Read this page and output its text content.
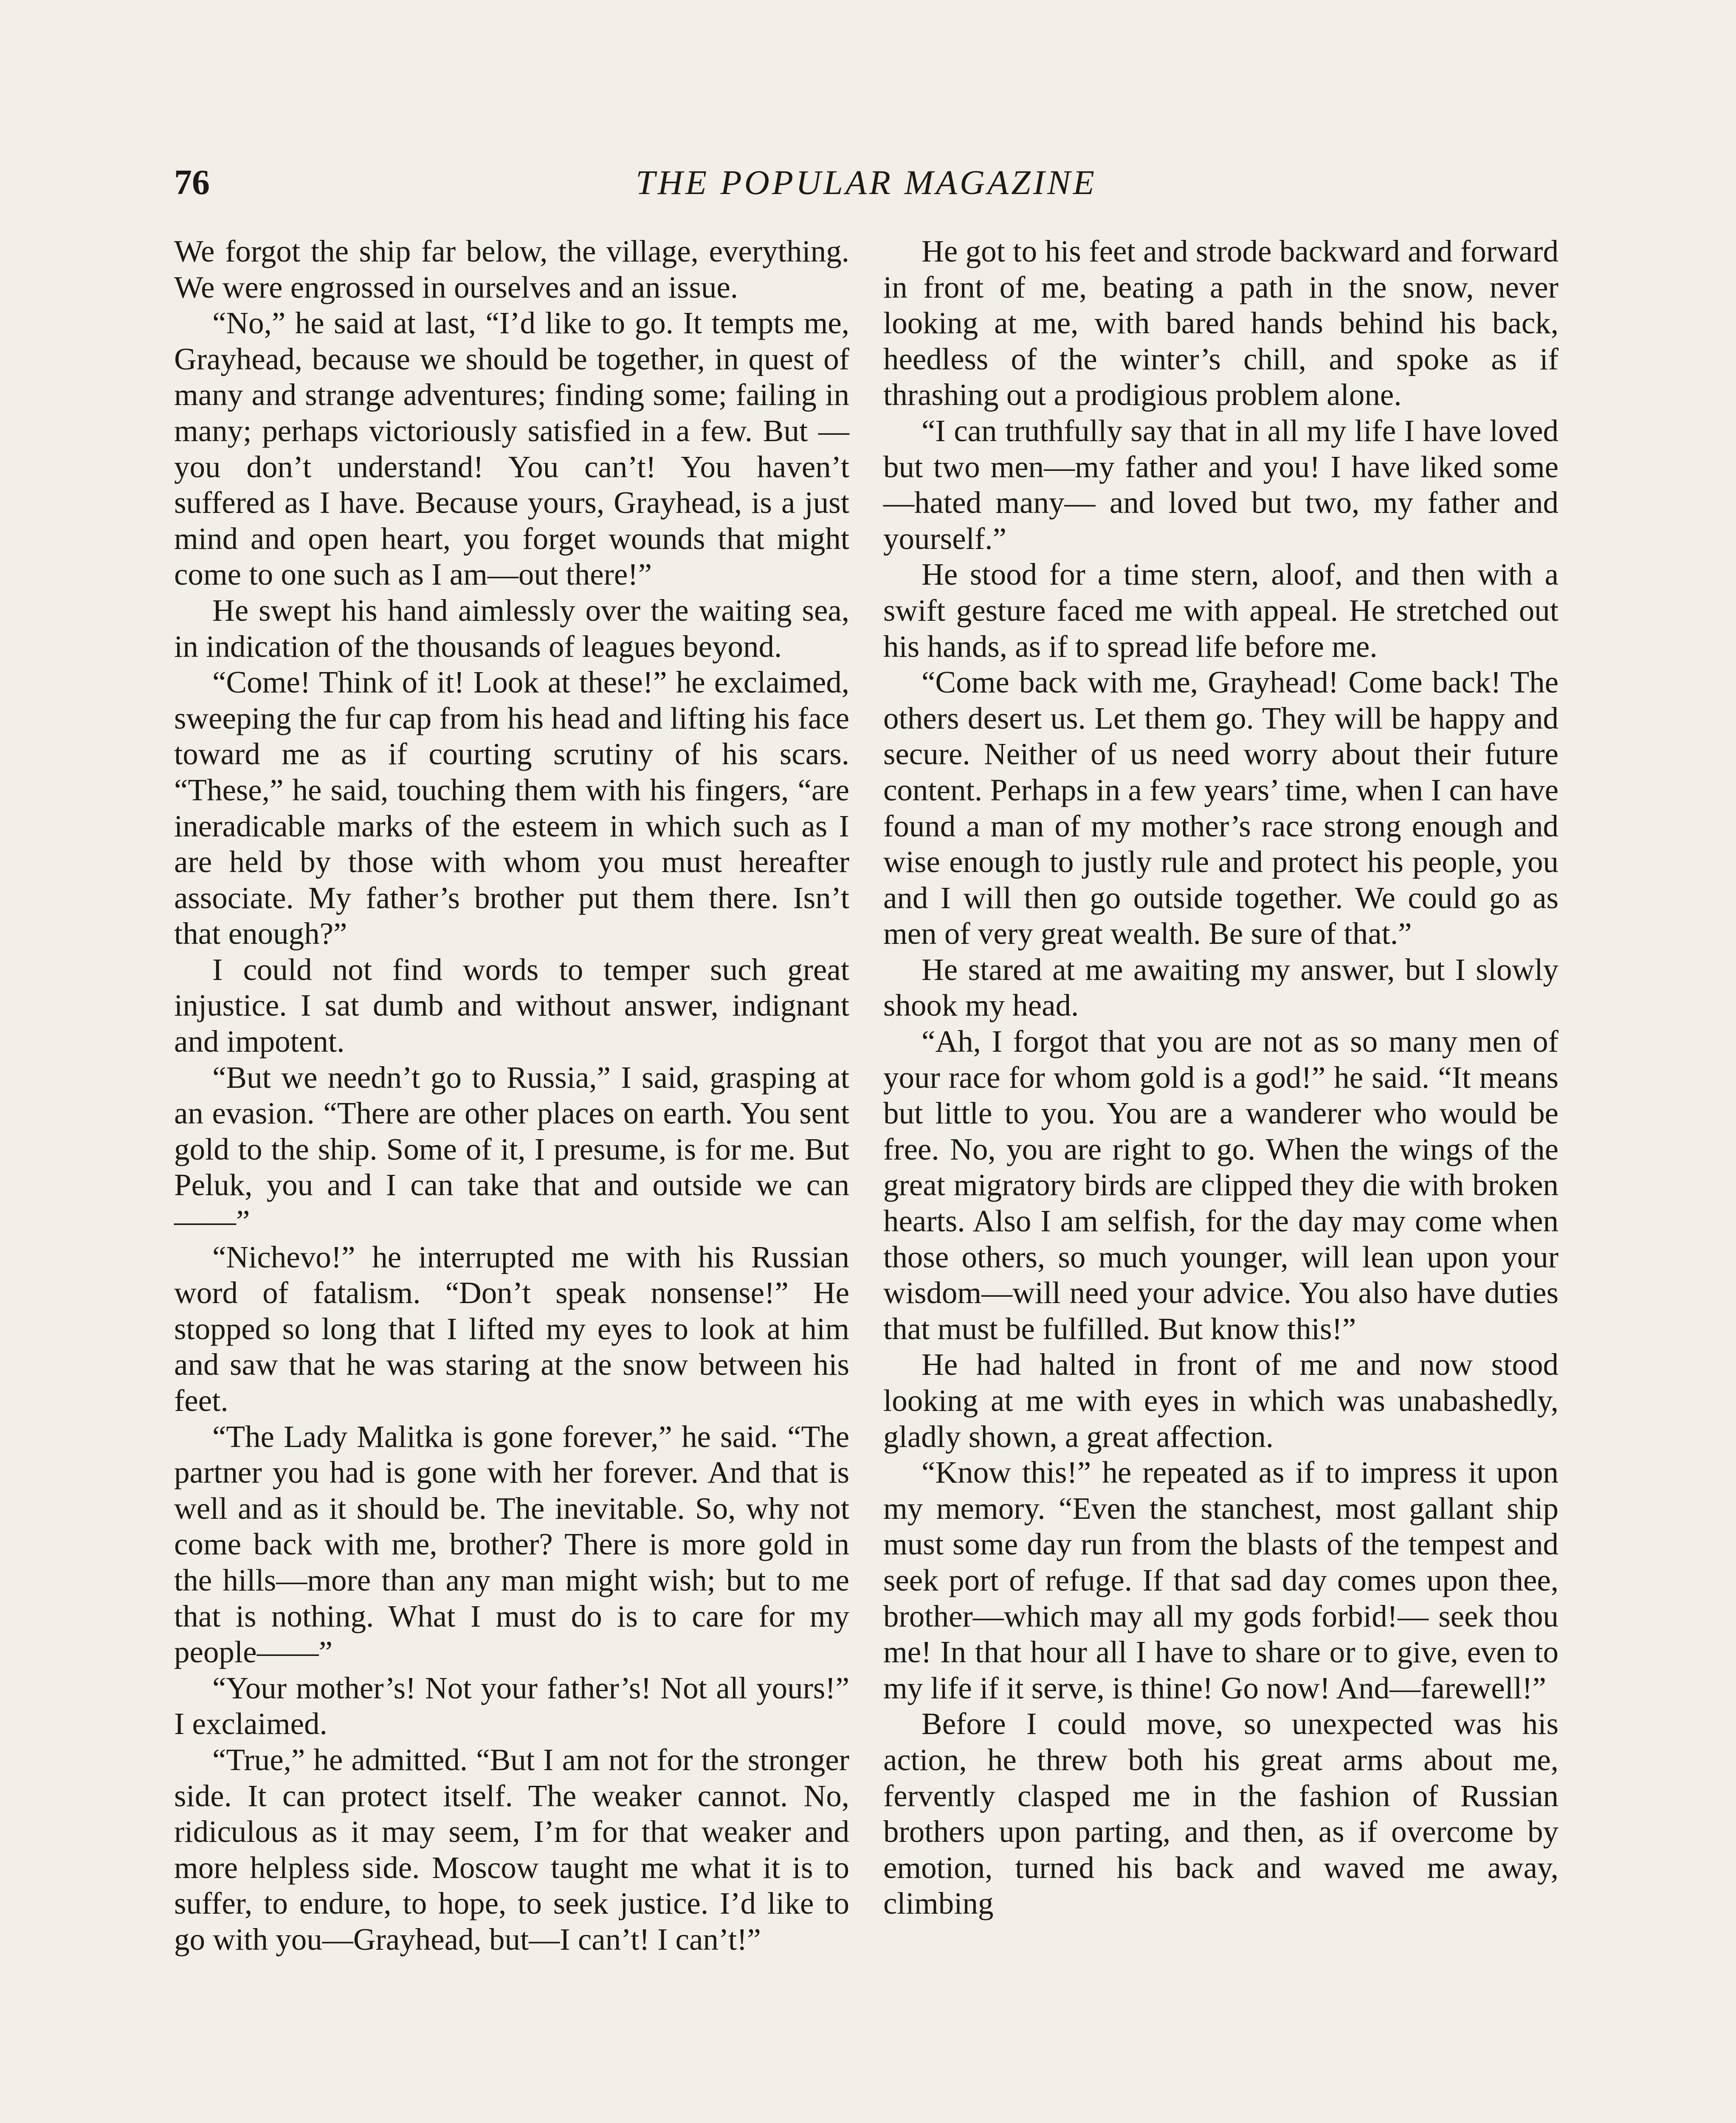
76	THE POPULAR MAGAZINE

We forgot the ship far below, the village, everything. We were engrossed in ourselves and an issue.

“No,” he said at last, “I’d like to go. It tempts me, Grayhead, because we should be together, in quest of many and strange adventures; finding some; failing in many; perhaps victoriously satisfied in a few. But —you don’t understand! You can’t! You haven’t suffered as I have. Because yours, Grayhead, is a just mind and open heart, you forget wounds that might come to one such as I am—out there!”

He swept his hand aimlessly over the waiting sea, in indication of the thousands of leagues beyond.

“Come! Think of it! Look at these!” he exclaimed, sweeping the fur cap from his head and lifting his face toward me as if courting scrutiny of his scars. “These,” he said, touching them with his fingers, “are ineradicable marks of the esteem in which such as I are held by those with whom you must hereafter associate. My father’s brother put them there. Isn’t that enough?”

I could not find words to temper such great injustice. I sat dumb and without answer, indignant and impotent.

“But we needn’t go to Russia,” I said, grasping at an evasion. “There are other places on earth. You sent gold to the ship. Some of it, I presume, is for me. But Peluk, you and I can take that and outside we can——”

“Nichevo!” he interrupted me with his Russian word of fatalism. “Don’t speak nonsense!” He stopped so long that I lifted my eyes to look at him and saw that he was staring at the snow between his feet.

“The Lady Malitka is gone forever,” he said. “The partner you had is gone with her forever. And that is well and as it should be. The inevitable. So, why not come back with me, brother? There is more gold in the hills—more than any man might wish; but to me that is nothing. What I must do is to care for my people——”

“Your mother’s! Not your father’s! Not all yours!” I exclaimed.

“True,” he admitted. “But I am not for the stronger side. It can protect itself. The weaker cannot. No, ridiculous as it may seem, I’m for that weaker and more helpless side. Moscow taught me what it is to suffer, to endure, to hope, to seek justice. I’d like to go with you—Grayhead, but—I can’t! I can’t!”

He got to his feet and strode backward and forward in front of me, beating a path in the snow, never looking at me, with bared hands behind his back, heedless of the winter’s chill, and spoke as if thrashing out a prodigious problem alone.

“I can truthfully say that in all my life I have loved but two men—my father and you! I have liked some—hated many— and loved but two, my father and yourself.”

He stood for a time stern, aloof, and then with a swift gesture faced me with appeal. He stretched out his hands, as if to spread life before me.

“Come back with me, Grayhead! Come back! The others desert us. Let them go. They will be happy and secure. Neither of us need worry about their future content. Perhaps in a few years’ time, when I can have found a man of my mother’s race strong enough and wise enough to justly rule and protect his people, you and I will then go outside together. We could go as men of very great wealth. Be sure of that.”

He stared at me awaiting my answer, but I slowly shook my head.

“Ah, I forgot that you are not as so many men of your race for whom gold is a god!” he said. “It means but little to you. You are a wanderer who would be free. No, you are right to go. When the wings of the great migratory birds are clipped they die with broken hearts. Also I am selfish, for the day may come when those others, so much younger, will lean upon your wisdom—will need your advice. You also have duties that must be fulfilled. But know this!”

He had halted in front of me and now stood looking at me with eyes in which was unabashedly, gladly shown, a great affection.

“Know this!” he repeated as if to impress it upon my memory. “Even the stanchest, most gallant ship must some day run from the blasts of the tempest and seek port of refuge. If that sad day comes upon thee, brother—which may all my gods forbid!— seek thou me! In that hour all I have to share or to give, even to my life if it serve, is thine! Go now! And—farewell!”

Before I could move, so unexpected was his action, he threw both his great arms about me, fervently clasped me in the fashion of Russian brothers upon parting, and then, as if overcome by emotion, turned his back and waved me away, climbing
